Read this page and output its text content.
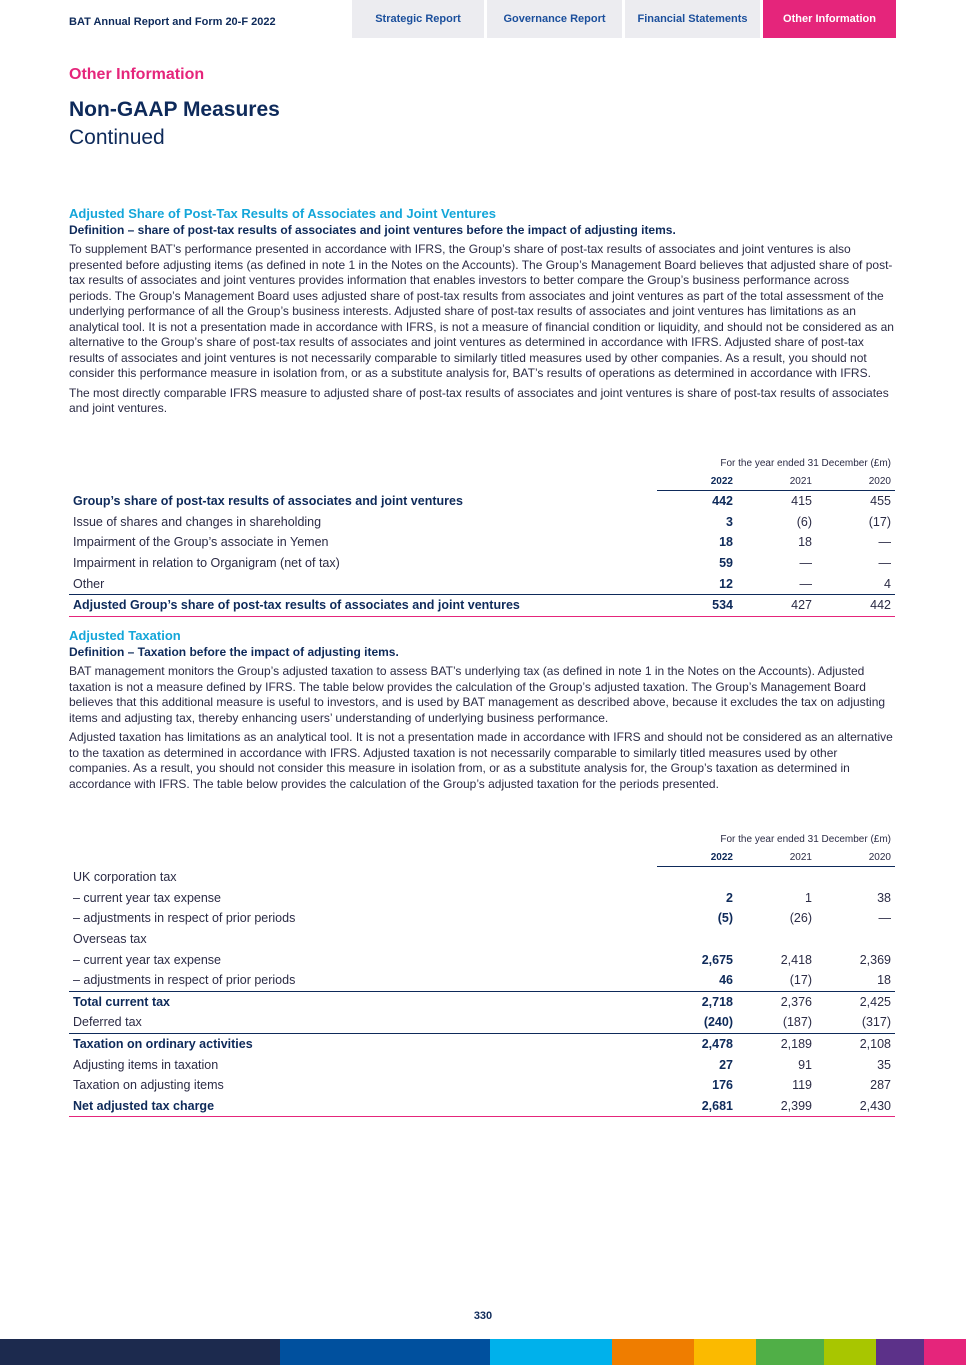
BAT Annual Report and Form 20-F 2022	Strategic Report	Governance Report	Financial Statements	Other Information
Other Information
Non-GAAP Measures
Continued
Adjusted Share of Post-Tax Results of Associates and Joint Ventures
Definition – share of post-tax results of associates and joint ventures before the impact of adjusting items.
To supplement BAT’s performance presented in accordance with IFRS, the Group’s share of post-tax results of associates and joint ventures is also presented before adjusting items (as defined in note 1 in the Notes on the Accounts). The Group’s Management Board believes that adjusted share of post-tax results of associates and joint ventures provides information that enables investors to better compare the Group’s business performance across periods. The Group’s Management Board uses adjusted share of post-tax results from associates and joint ventures as part of the total assessment of the underlying performance of all the Group’s business interests. Adjusted share of post-tax results of associates and joint ventures has limitations as an analytical tool. It is not a presentation made in accordance with IFRS, is not a measure of financial condition or liquidity, and should not be considered as an alternative to the Group’s share of post-tax results of associates and joint ventures as determined in accordance with IFRS. Adjusted share of post-tax results of associates and joint ventures is not necessarily comparable to similarly titled measures used by other companies. As a result, you should not consider this performance measure in isolation from, or as a substitute analysis for, BAT’s results of operations as determined in accordance with IFRS.
The most directly comparable IFRS measure to adjusted share of post-tax results of associates and joint ventures is share of post-tax results of associates and joint ventures.
For the year ended 31 December (£m)
2022	2021	2020
Group’s share of post-tax results of associates and joint ventures	442	415	455
Issue of shares and changes in shareholding	3	(6)	(17)
Impairment of the Group’s associate in Yemen	18	18	—
Impairment in relation to Organigram (net of tax)	59	—	—
Other	12	—	4
Adjusted Group’s share of post-tax results of associates and joint ventures	534	427	442
Adjusted Taxation
Definition – Taxation before the impact of adjusting items.
BAT management monitors the Group’s adjusted taxation to assess BAT’s underlying tax (as defined in note 1 in the Notes on the Accounts). Adjusted taxation is not a measure defined by IFRS. The table below provides the calculation of the Group’s adjusted taxation. The Group’s Management Board believes that this additional measure is useful to investors, and is used by BAT management as described above, because it excludes the tax on adjusting items and adjusting tax, thereby enhancing users’ understanding of underlying business performance.
Adjusted taxation has limitations as an analytical tool. It is not a presentation made in accordance with IFRS and should not be considered as an alternative to the taxation as determined in accordance with IFRS. Adjusted taxation is not necessarily comparable to similarly titled measures used by other companies. As a result, you should not consider this measure in isolation from, or as a substitute analysis for, the Group’s taxation as determined in accordance with IFRS. The table below provides the calculation of the Group’s adjusted taxation for the periods presented.
For the year ended 31 December (£m)
2022	2021	2020
UK corporation tax
– current year tax expense	2	1	38
– adjustments in respect of prior periods	(5)	(26)	—
Overseas tax
– current year tax expense	2,675	2,418	2,369
– adjustments in respect of prior periods	46	(17)	18
Total current tax	2,718	2,376	2,425
Deferred tax	(240)	(187)	(317)
Taxation on ordinary activities	2,478	2,189	2,108
Adjusting items in taxation	27	91	35
Taxation on adjusting items	176	119	287
Net adjusted tax charge	2,681	2,399	2,430
330
